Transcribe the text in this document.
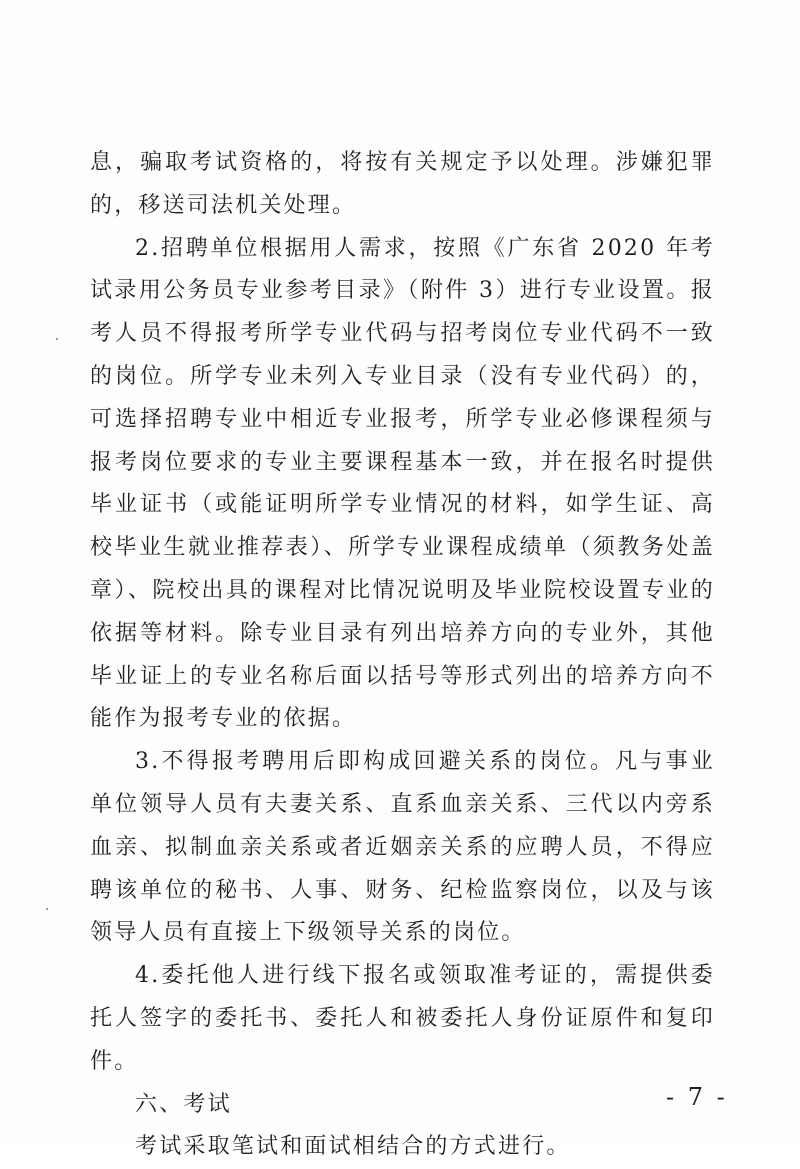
息，骗取考试资格的，将按有关规定予以处理。涉嫌犯罪的，移送司法机关处理。

2.招聘单位根据用人需求，按照《广东省 2020 年考试录用公务员专业参考目录》（附件 3）进行专业设置。报考人员不得报考所学专业代码与招考岗位专业代码不一致的岗位。所学专业未列入专业目录（没有专业代码）的，可选择招聘专业中相近专业报考，所学专业必修课程须与报考岗位要求的专业主要课程基本一致，并在报名时提供毕业证书（或能证明所学专业情况的材料，如学生证、高校毕业生就业推荐表）、所学专业课程成绩单（须教务处盖章）、院校出具的课程对比情况说明及毕业院校设置专业的依据等材料。除专业目录有列出培养方向的专业外，其他毕业证上的专业名称后面以括号等形式列出的培养方向不能作为报考专业的依据。

3.不得报考聘用后即构成回避关系的岗位。凡与事业单位领导人员有夫妻关系、直系血亲关系、三代以内旁系血亲、拟制血亲关系或者近姻亲关系的应聘人员，不得应聘该单位的秘书、人事、财务、纪检监察岗位，以及与该领导人员有直接上下级领导关系的岗位。

4.委托他人进行线下报名或领取准考证的，需提供委托人签字的委托书、委托人和被委托人身份证原件和复印件。

六、考试

考试采取笔试和面试相结合的方式进行。

- 7 -
